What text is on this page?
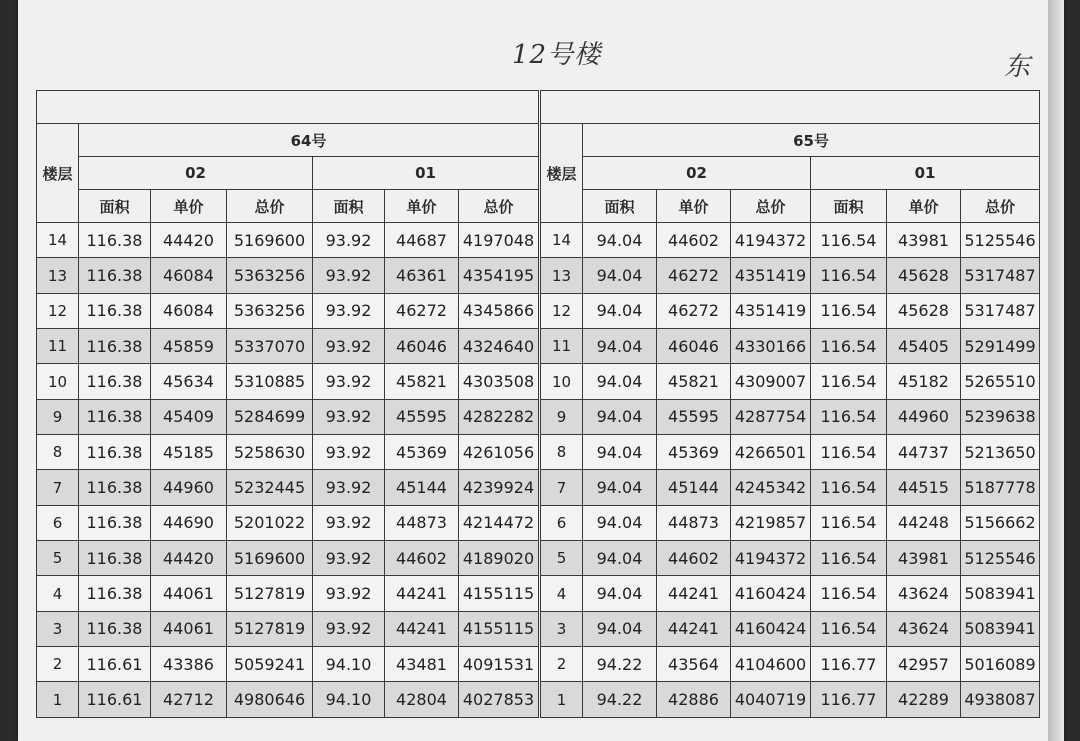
12号楼	东

楼层	64号					
	02			01		
	面积	单价	总价	面积	单价	总价
14	116.38	44420	5169600	93.92	44687	4197048
13	116.38	46084	5363256	93.92	46361	4354195
12	116.38	46084	5363256	93.92	46272	4345866
11	116.38	45859	5337070	93.92	46046	4324640
10	116.38	45634	5310885	93.92	45821	4303508
9	116.38	45409	5284699	93.92	45595	4282282
8	116.38	45185	5258630	93.92	45369	4261056
7	116.38	44960	5232445	93.92	45144	4239924
6	116.38	44690	5201022	93.92	44873	4214472
5	116.38	44420	5169600	93.92	44602	4189020
4	116.38	44061	5127819	93.92	44241	4155115
3	116.38	44061	5127819	93.92	44241	4155115
2	116.61	43386	5059241	94.10	43481	4091531
1	116.61	42712	4980646	94.10	42804	4027853

楼层	65号					
	02			01		
	面积	单价	总价	面积	单价	总价
14	94.04	44602	4194372	116.54	43981	5125546
13	94.04	46272	4351419	116.54	45628	5317487
12	94.04	46272	4351419	116.54	45628	5317487
11	94.04	46046	4330166	116.54	45405	5291499
10	94.04	45821	4309007	116.54	45182	5265510
9	94.04	45595	4287754	116.54	44960	5239638
8	94.04	45369	4266501	116.54	44737	5213650
7	94.04	45144	4245342	116.54	44515	5187778
6	94.04	44873	4219857	116.54	44248	5156662
5	94.04	44602	4194372	116.54	43981	5125546
4	94.04	44241	4160424	116.54	43624	5083941
3	94.04	44241	4160424	116.54	43624	5083941
2	94.22	43564	4104600	116.77	42957	5016089
1	94.22	42886	4040719	116.77	42289	4938087
